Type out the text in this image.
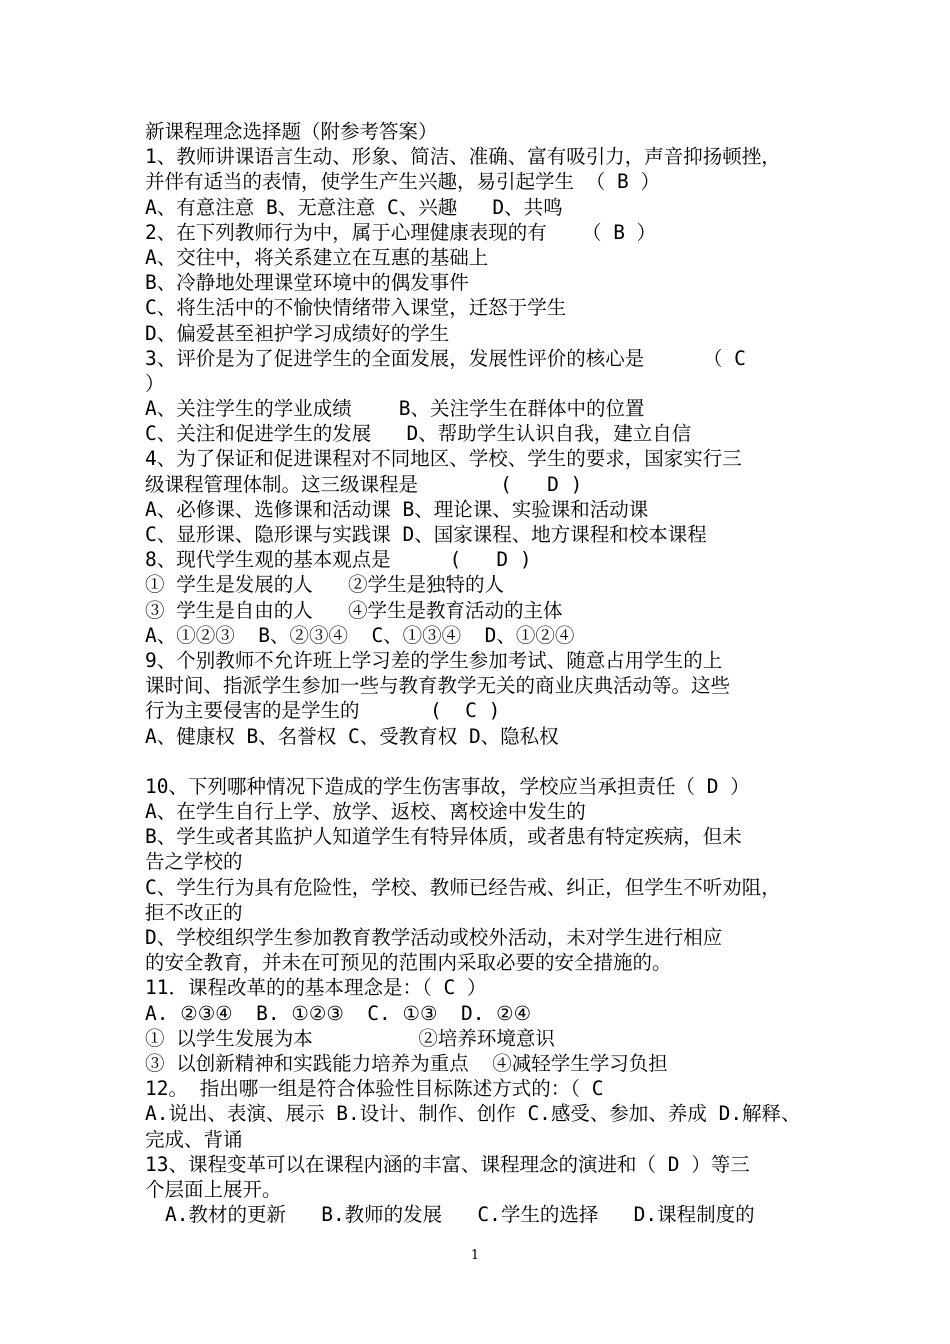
新课程理念选择题（附参考答案）
1、教师讲课语言生动、形象、简洁、准确、富有吸引力，声音抑扬顿挫，
并伴有适当的表情，使学生产生兴趣，易引起学生 （ B ）
A、有意注意 B、无意注意 C、兴趣   D、共鸣
2、在下列教师行为中，属于心理健康表现的有   （ B ）
A、交往中，将关系建立在互惠的基础上
B、冷静地处理课堂环境中的偶发事件
C、将生活中的不愉快情绪带入课堂，迁怒于学生
D、偏爱甚至袒护学习成绩好的学生
3、评价是为了促进学生的全面发展，发展性评价的核心是     （ C
）
A、关注学生的学业成绩    B、关注学生在群体中的位置
C、关注和促进学生的发展   D、帮助学生认识自我，建立自信
4、为了保证和促进课程对不同地区、学校、学生的要求，国家实行三
级课程管理体制。这三级课程是       (   D )
A、必修课、选修课和活动课 B、理论课、实验课和活动课
C、显形课、隐形课与实践课 D、国家课程、地方课程和校本课程
8、现代学生观的基本观点是     (   D )
① 学生是发展的人   ②学生是独特的人
③ 学生是自由的人   ④学生是教育活动的主体
A、①②③  B、②③④  C、①③④  D、①②④
9、个别教师不允许班上学习差的学生参加考试、随意占用学生的上
课时间、指派学生参加一些与教育教学无关的商业庆典活动等。这些
行为主要侵害的是学生的      (  C )
A、健康权 B、名誉权 C、受教育权 D、隐私权
10、下列哪种情况下造成的学生伤害事故，学校应当承担责任（ D ）
A、在学生自行上学、放学、返校、离校途中发生的
B、学生或者其监护人知道学生有特异体质，或者患有特定疾病，但未
告之学校的
C、学生行为具有危险性，学校、教师已经告戒、纠正，但学生不听劝阻，
拒不改正的
D、学校组织学生参加教育教学活动或校外活动，未对学生进行相应
的安全教育，并未在可预见的范围内采取必要的安全措施的。
11．课程改革的的基本理念是：（ C ）
A. ②③④  B. ①②③  C. ①③  D. ②④
① 以学生发展为本         ②培养环境意识
③ 以创新精神和实践能力培养为重点  ④减轻学生学习负担
12。 指出哪一组是符合体验性目标陈述方式的：（ C
A.说出、表演、展示 B.设计、制作、创作 C.感受、参加、养成 D.解释、
完成、背诵
13、课程变革可以在课程内涵的丰富、课程理念的演进和（ D ）等三
个层面上展开。
A.教材的更新   B.教师的发展   C.学生的选择   D.课程制度的
1
